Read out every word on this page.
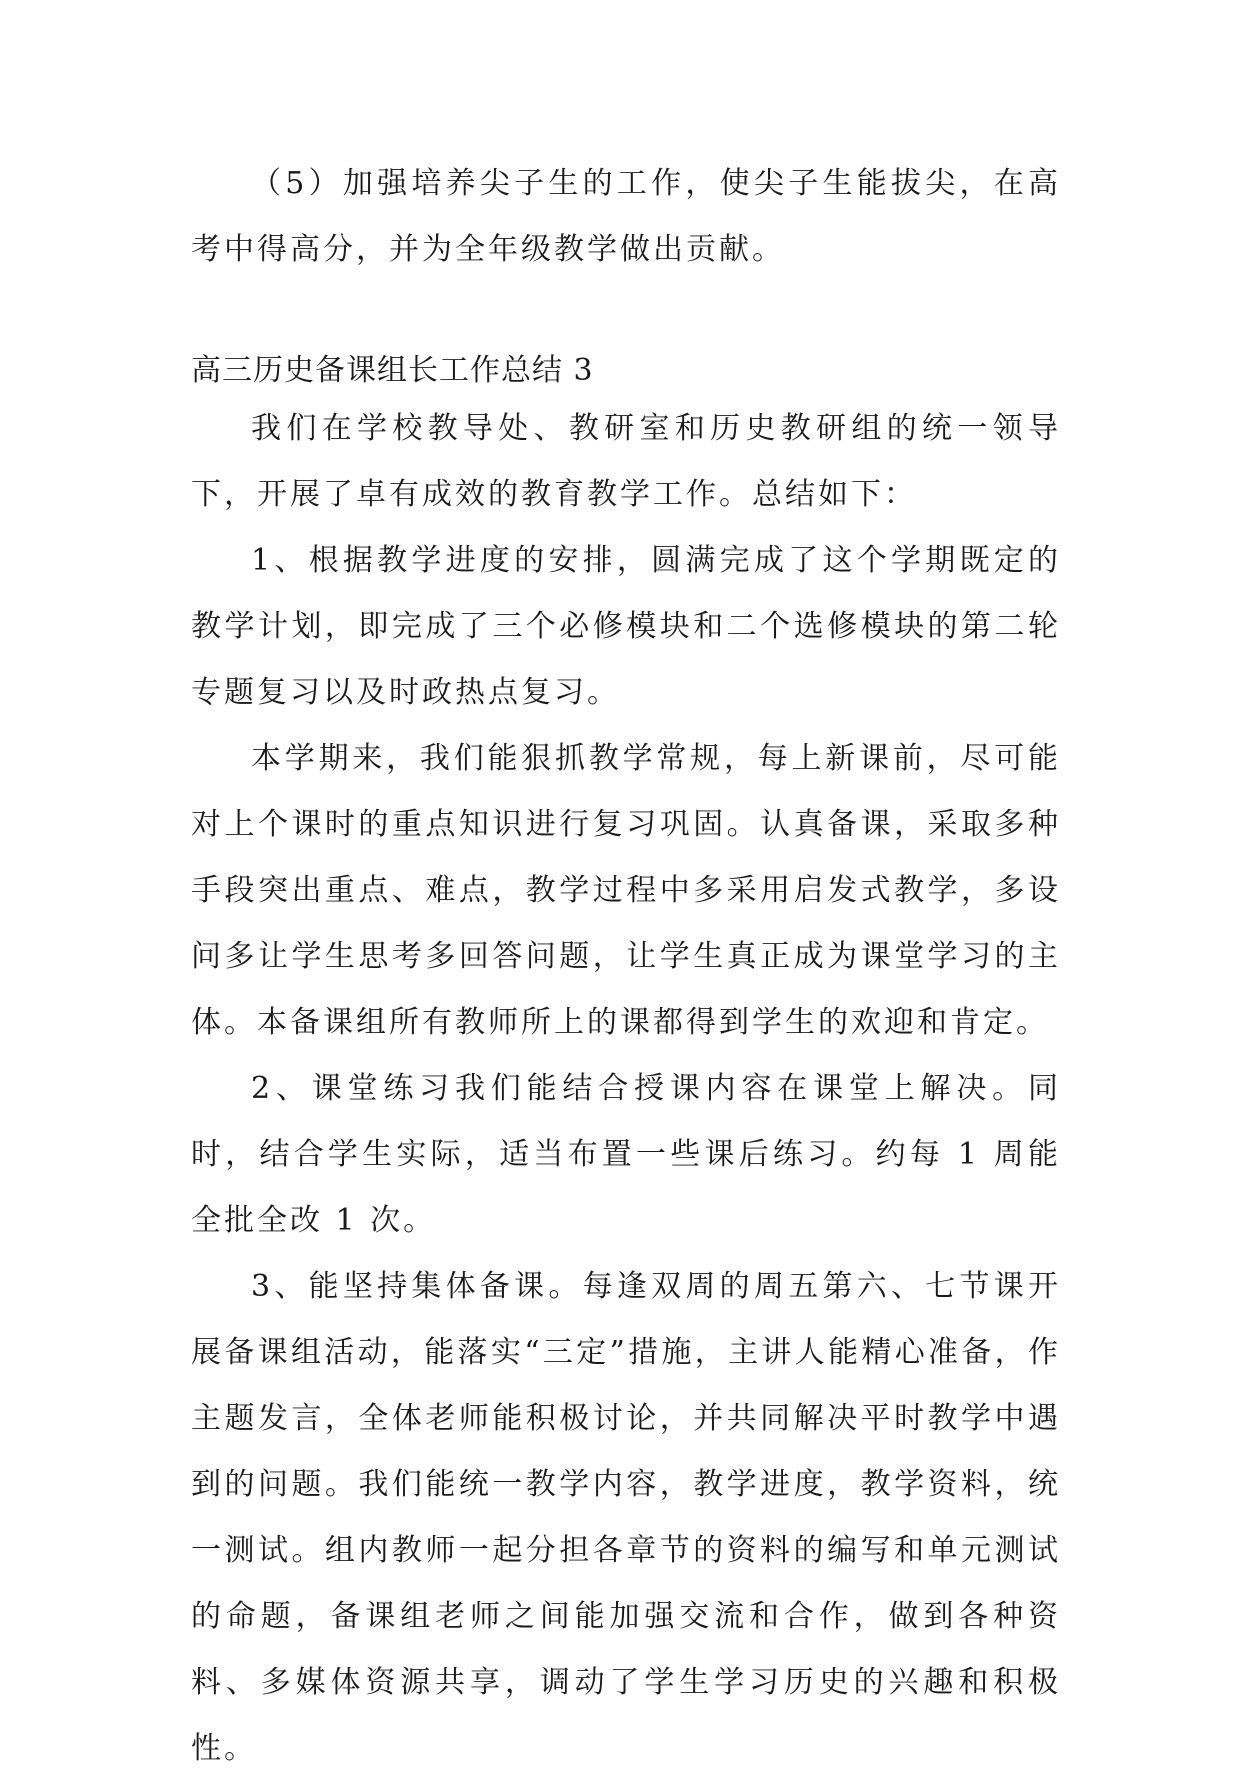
（5）加强培养尖子生的工作，使尖子生能拔尖，在高考中得高分，并为全年级教学做出贡献。

高三历史备课组长工作总结 3

我们在学校教导处、教研室和历史教研组的统一领导下，开展了卓有成效的教育教学工作。总结如下：

1、根据教学进度的安排，圆满完成了这个学期既定的教学计划，即完成了三个必修模块和二个选修模块的第二轮专题复习以及时政热点复习。

本学期来，我们能狠抓教学常规，每上新课前，尽可能对上个课时的重点知识进行复习巩固。认真备课，采取多种手段突出重点、难点，教学过程中多采用启发式教学，多设问多让学生思考多回答问题，让学生真正成为课堂学习的主体。本备课组所有教师所上的课都得到学生的欢迎和肯定。

2、课堂练习我们能结合授课内容在课堂上解决。同时，结合学生实际，适当布置一些课后练习。约每 1 周能全批全改 1 次。

3、能坚持集体备课。每逢双周的周五第六、七节课开展备课组活动，能落实“三定”措施，主讲人能精心准备，作主题发言，全体老师能积极讨论，并共同解决平时教学中遇到的问题。我们能统一教学内容，教学进度，教学资料，统一测试。组内教师一起分担各章节的资料的编写和单元测试的命题，备课组老师之间能加强交流和合作，做到各种资料、多媒体资源共享，调动了学生学习历史的兴趣和积极性。
